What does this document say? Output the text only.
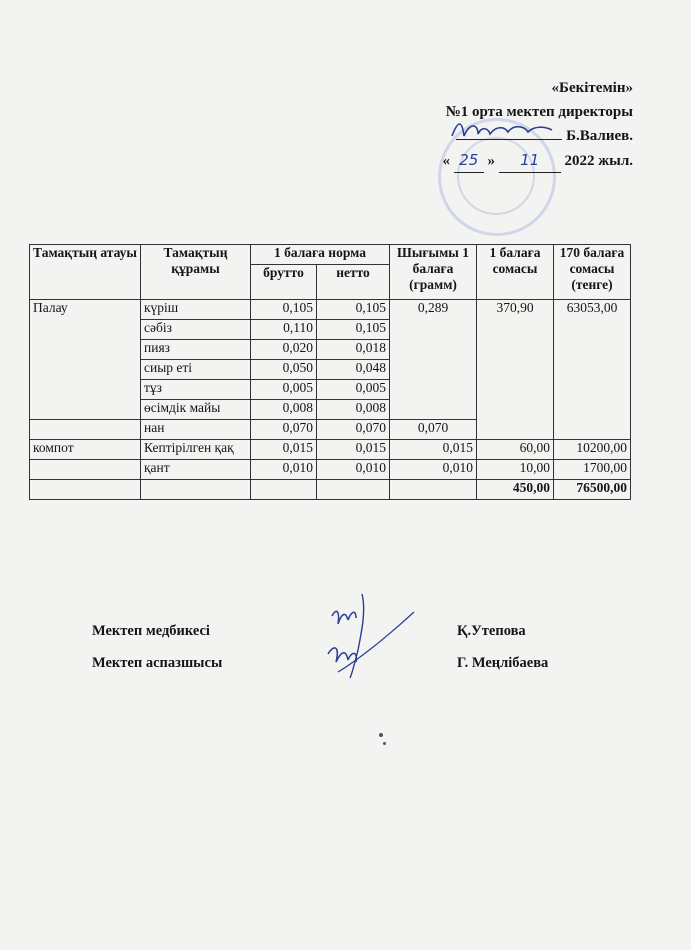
«Бекітемін»
№1 орта мектеп директоры
Б.Валиев.
« 25 » 11 2022 жыл.
Тамақтың атауы	Тамақтың құрамы	1 балаға норма		Шығымы 1 балаға (грамм)	1 балаға сомасы	170 балаға сомасы (тенге)
		брутто	нетто			
Палау	күріш	0,105	0,105	0,289	370,90	63053,00
	сәбіз	0,110	0,105			
	пияз	0,020	0,018			
	сиыр еті	0,050	0,048			
	тұз	0,005	0,005			
	өсімдік майы	0,008	0,008			
	нан	0,070	0,070	0,070		
компот	Кептірілген қақ	0,015	0,015	0,015	60,00	10200,00
	қант	0,010	0,010	0,010	10,00	1700,00
					450,00	76500,00
Мектеп медбикесі	Қ.Утепова
Мектеп аспазшысы	Г. Меңлібаева
